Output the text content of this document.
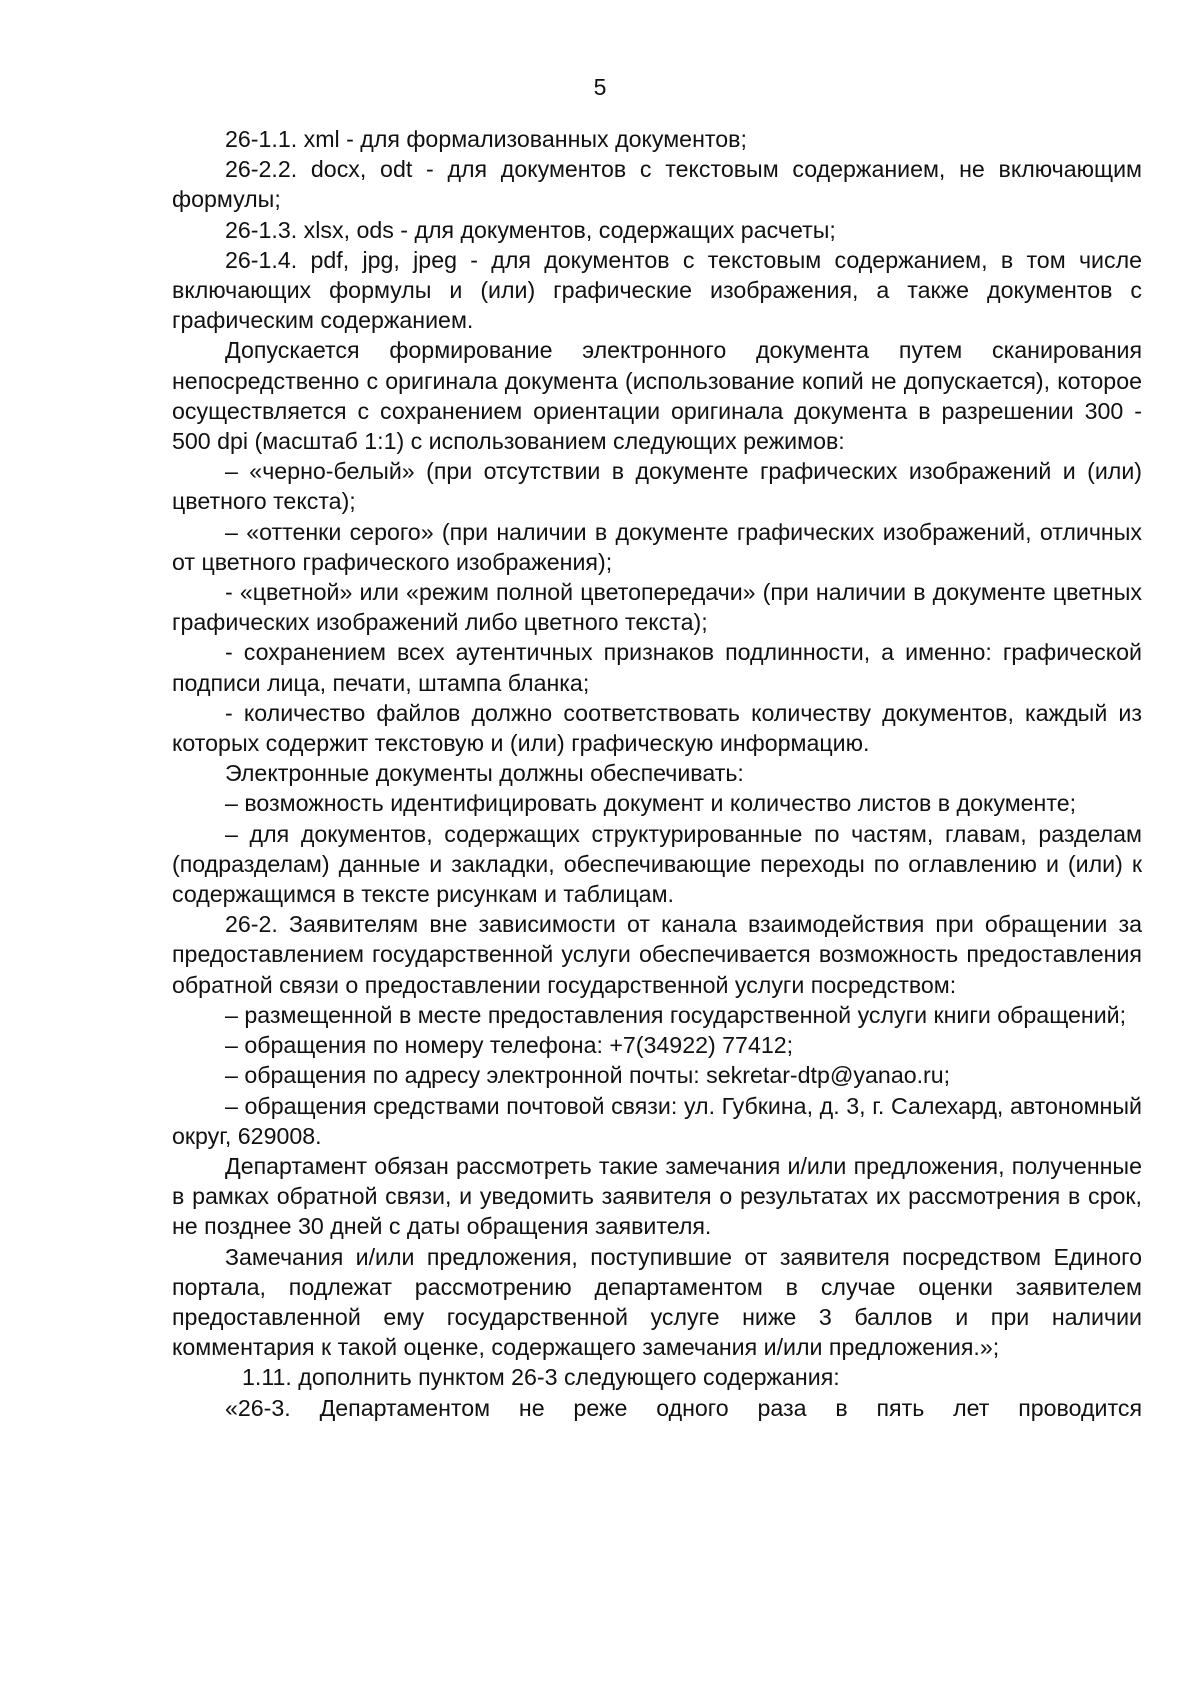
5

26-1.1. xml - для формализованных документов;

26-2.2. docx, odt - для документов с текстовым содержанием, не включающим формулы;

26-1.3. xlsx, ods - для документов, содержащих расчеты;

26-1.4. pdf, jpg, jpeg - для документов с текстовым содержанием, в том числе включающих формулы и (или) графические изображения, а также документов с графическим содержанием.

Допускается формирование электронного документа путем сканирования непосредственно с оригинала документа (использование копий не допускается), которое осуществляется с сохранением ориентации оригинала документа в разрешении 300 - 500 dpi (масштаб 1:1) с использованием следующих режимов:

– «черно-белый» (при отсутствии в документе графических изображений и (или) цветного текста);

– «оттенки серого» (при наличии в документе графических изображений, отличных от цветного графического изображения);

- «цветной» или «режим полной цветопередачи» (при наличии в документе цветных графических изображений либо цветного текста);

- сохранением всех аутентичных признаков подлинности, а именно: графической подписи лица, печати, штампа бланка;

- количество файлов должно соответствовать количеству документов, каждый из которых содержит текстовую и (или) графическую информацию.

Электронные документы должны обеспечивать:

– возможность идентифицировать документ и количество листов в документе;

– для документов, содержащих структурированные по частям, главам, разделам (подразделам) данные и закладки, обеспечивающие переходы по оглавлению и (или) к содержащимся в тексте рисункам и таблицам.

26-2. Заявителям вне зависимости от канала взаимодействия при обращении за предоставлением государственной услуги обеспечивается возможность предоставления обратной связи о предоставлении государственной услуги посредством:

– размещенной в месте предоставления государственной услуги книги обращений;

– обращения по номеру телефона: +7(34922) 77412;

– обращения по адресу электронной почты: sekretar-dtp@yanao.ru;

– обращения средствами почтовой связи: ул. Губкина, д. 3, г. Салехард, автономный округ, 629008.

Департамент обязан рассмотреть такие замечания и/или предложения, полученные в рамках обратной связи, и уведомить заявителя о результатах их рассмотрения в срок, не позднее 30 дней с даты обращения заявителя.

Замечания и/или предложения, поступившие от заявителя посредством Единого портала, подлежат рассмотрению департаментом в случае оценки заявителем предоставленной ему государственной услуге ниже 3 баллов и при наличии комментария к такой оценке, содержащего замечания и/или предложения.»;

1.11. дополнить пунктом 26-3 следующего содержания:

«26-3. Департаментом не реже одного раза в пять лет проводится
